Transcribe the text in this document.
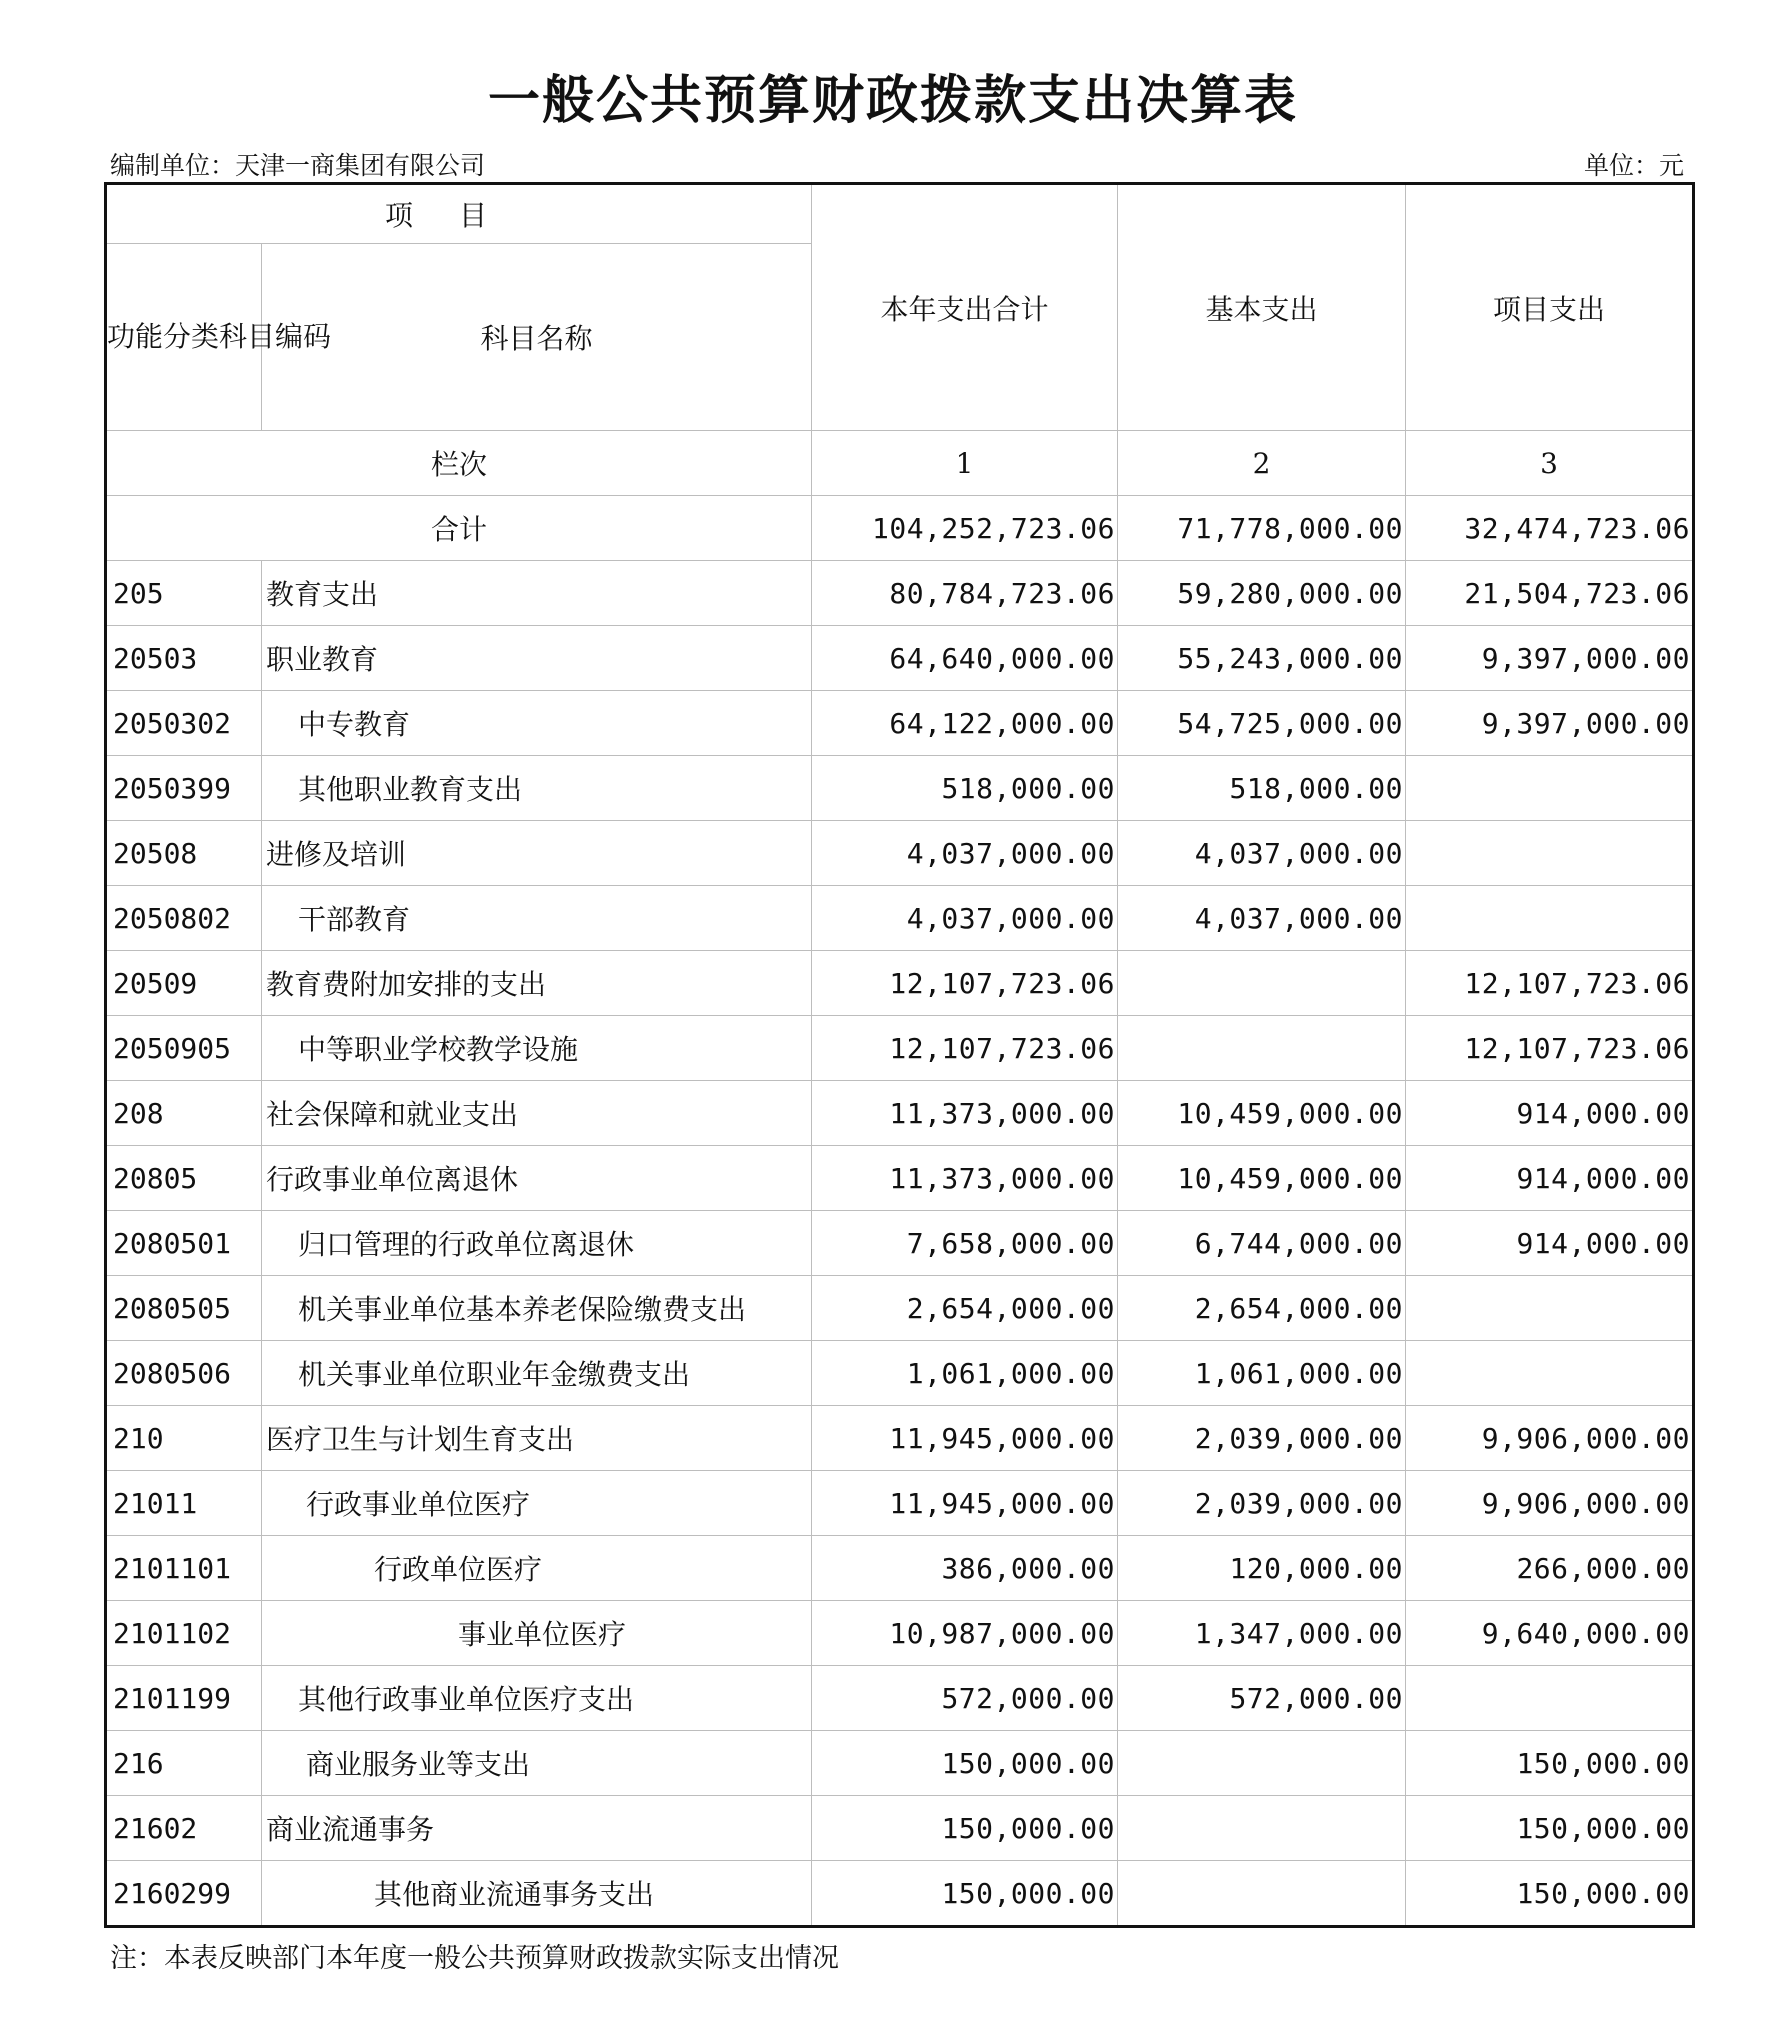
一般公共预算财政拨款支出决算表
编制单位：天津一商集团有限公司	单位：元
项目		本年支出合计	基本支出	项目支出
功能分类科目编码	科目名称			
栏次		1	2	3
合计		104,252,723.06	71,778,000.00	32,474,723.06
205	教育支出	80,784,723.06	59,280,000.00	21,504,723.06
20503	职业教育	64,640,000.00	55,243,000.00	9,397,000.00
2050302	中专教育	64,122,000.00	54,725,000.00	9,397,000.00
2050399	其他职业教育支出	518,000.00	518,000.00	
20508	进修及培训	4,037,000.00	4,037,000.00	
2050802	干部教育	4,037,000.00	4,037,000.00	
20509	教育费附加安排的支出	12,107,723.06		12,107,723.06
2050905	中等职业学校教学设施	12,107,723.06		12,107,723.06
208	社会保障和就业支出	11,373,000.00	10,459,000.00	914,000.00
20805	行政事业单位离退休	11,373,000.00	10,459,000.00	914,000.00
2080501	归口管理的行政单位离退休	7,658,000.00	6,744,000.00	914,000.00
2080505	机关事业单位基本养老保险缴费支出	2,654,000.00	2,654,000.00	
2080506	机关事业单位职业年金缴费支出	1,061,000.00	1,061,000.00	
210	医疗卫生与计划生育支出	11,945,000.00	2,039,000.00	9,906,000.00
21011	行政事业单位医疗	11,945,000.00	2,039,000.00	9,906,000.00
2101101	行政单位医疗	386,000.00	120,000.00	266,000.00
2101102	事业单位医疗	10,987,000.00	1,347,000.00	9,640,000.00
2101199	其他行政事业单位医疗支出	572,000.00	572,000.00	
216	商业服务业等支出	150,000.00		150,000.00
21602	商业流通事务	150,000.00		150,000.00
2160299	其他商业流通事务支出	150,000.00		150,000.00
注：本表反映部门本年度一般公共预算财政拨款实际支出情况
